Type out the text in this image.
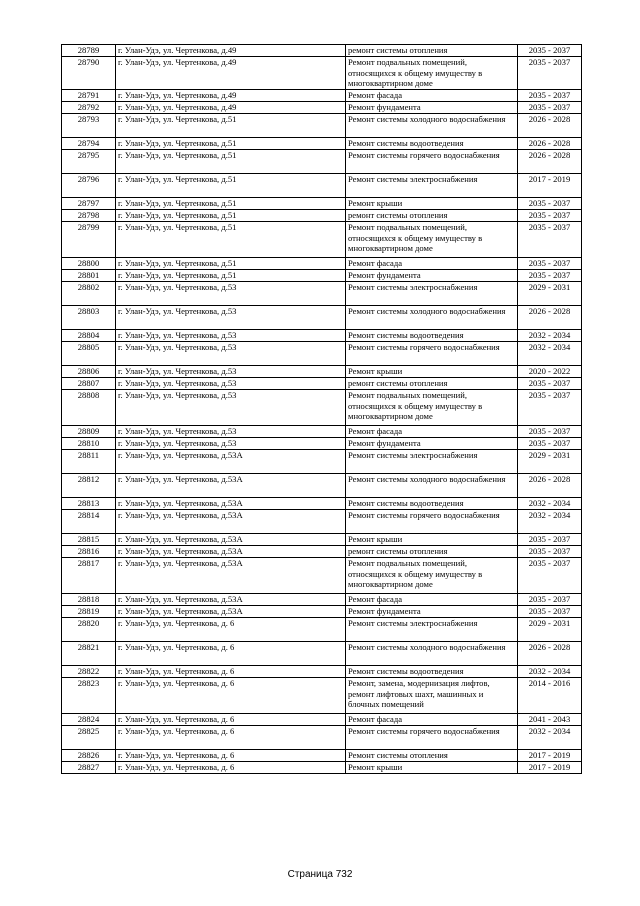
28789	г. Улан-Удэ, ул. Чертенкова, д.49	ремонт системы отопления	2035 - 2037
28790	г. Улан-Удэ, ул. Чертенкова, д.49	Ремонт подвальных помещений, относящихся к общему имуществу в многоквартирном доме	2035 - 2037
28791	г. Улан-Удэ, ул. Чертенкова, д.49	Ремонт фасада	2035 - 2037
28792	г. Улан-Удэ, ул. Чертенкова, д.49	Ремонт фундамента	2035 - 2037
28793	г. Улан-Удэ, ул. Чертенкова, д.51	Ремонт системы холодного водоснабжения	2026 - 2028
28794	г. Улан-Удэ, ул. Чертенкова, д.51	Ремонт системы водоотведения	2026 - 2028
28795	г. Улан-Удэ, ул. Чертенкова, д.51	Ремонт системы горячего водоснабжения	2026 - 2028
28796	г. Улан-Удэ, ул. Чертенкова, д.51	Ремонт системы электроснабжения	2017 - 2019
28797	г. Улан-Удэ, ул. Чертенкова, д.51	Ремонт крыши	2035 - 2037
28798	г. Улан-Удэ, ул. Чертенкова, д.51	ремонт системы отопления	2035 - 2037
28799	г. Улан-Удэ, ул. Чертенкова, д.51	Ремонт подвальных помещений, относящихся к общему имуществу в многоквартирном доме	2035 - 2037
28800	г. Улан-Удэ, ул. Чертенкова, д.51	Ремонт фасада	2035 - 2037
28801	г. Улан-Удэ, ул. Чертенкова, д.51	Ремонт фундамента	2035 - 2037
28802	г. Улан-Удэ, ул. Чертенкова, д.53	Ремонт системы электроснабжения	2029 - 2031
28803	г. Улан-Удэ, ул. Чертенкова, д.53	Ремонт системы холодного водоснабжения	2026 - 2028
28804	г. Улан-Удэ, ул. Чертенкова, д.53	Ремонт системы водоотведения	2032 - 2034
28805	г. Улан-Удэ, ул. Чертенкова, д.53	Ремонт системы горячего водоснабжения	2032 - 2034
28806	г. Улан-Удэ, ул. Чертенкова, д.53	Ремонт крыши	2020 - 2022
28807	г. Улан-Удэ, ул. Чертенкова, д.53	ремонт системы отопления	2035 - 2037
28808	г. Улан-Удэ, ул. Чертенкова, д.53	Ремонт подвальных помещений, относящихся к общему имуществу в многоквартирном доме	2035 - 2037
28809	г. Улан-Удэ, ул. Чертенкова, д.53	Ремонт фасада	2035 - 2037
28810	г. Улан-Удэ, ул. Чертенкова, д.53	Ремонт фундамента	2035 - 2037
28811	г. Улан-Удэ, ул. Чертенкова, д.53А	Ремонт системы электроснабжения	2029 - 2031
28812	г. Улан-Удэ, ул. Чертенкова, д.53А	Ремонт системы холодного водоснабжения	2026 - 2028
28813	г. Улан-Удэ, ул. Чертенкова, д.53А	Ремонт системы водоотведения	2032 - 2034
28814	г. Улан-Удэ, ул. Чертенкова, д.53А	Ремонт системы горячего водоснабжения	2032 - 2034
28815	г. Улан-Удэ, ул. Чертенкова, д.53А	Ремонт крыши	2035 - 2037
28816	г. Улан-Удэ, ул. Чертенкова, д.53А	ремонт системы отопления	2035 - 2037
28817	г. Улан-Удэ, ул. Чертенкова, д.53А	Ремонт подвальных помещений, относящихся к общему имуществу в многоквартирном доме	2035 - 2037
28818	г. Улан-Удэ, ул. Чертенкова, д.53А	Ремонт фасада	2035 - 2037
28819	г. Улан-Удэ, ул. Чертенкова, д.53А	Ремонт фундамента	2035 - 2037
28820	г. Улан-Удэ, ул. Чертенкова, д. 6	Ремонт системы электроснабжения	2029 - 2031
28821	г. Улан-Удэ, ул. Чертенкова, д. 6	Ремонт системы холодного водоснабжения	2026 - 2028
28822	г. Улан-Удэ, ул. Чертенкова, д. 6	Ремонт системы водоотведения	2032 - 2034
28823	г. Улан-Удэ, ул. Чертенкова, д. 6	Ремонт, замена, модернизация лифтов, ремонт лифтовых шахт, машинных и блочных помещений	2014 - 2016
28824	г. Улан-Удэ, ул. Чертенкова, д. 6	Ремонт фасада	2041 - 2043
28825	г. Улан-Удэ, ул. Чертенкова, д. 6	Ремонт системы горячего водоснабжения	2032 - 2034
28826	г. Улан-Удэ, ул. Чертенкова, д. 6	Ремонт системы отопления	2017 - 2019
28827	г. Улан-Удэ, ул. Чертенкова, д. 6	Ремонт крыши	2017 - 2019
Страница 732
